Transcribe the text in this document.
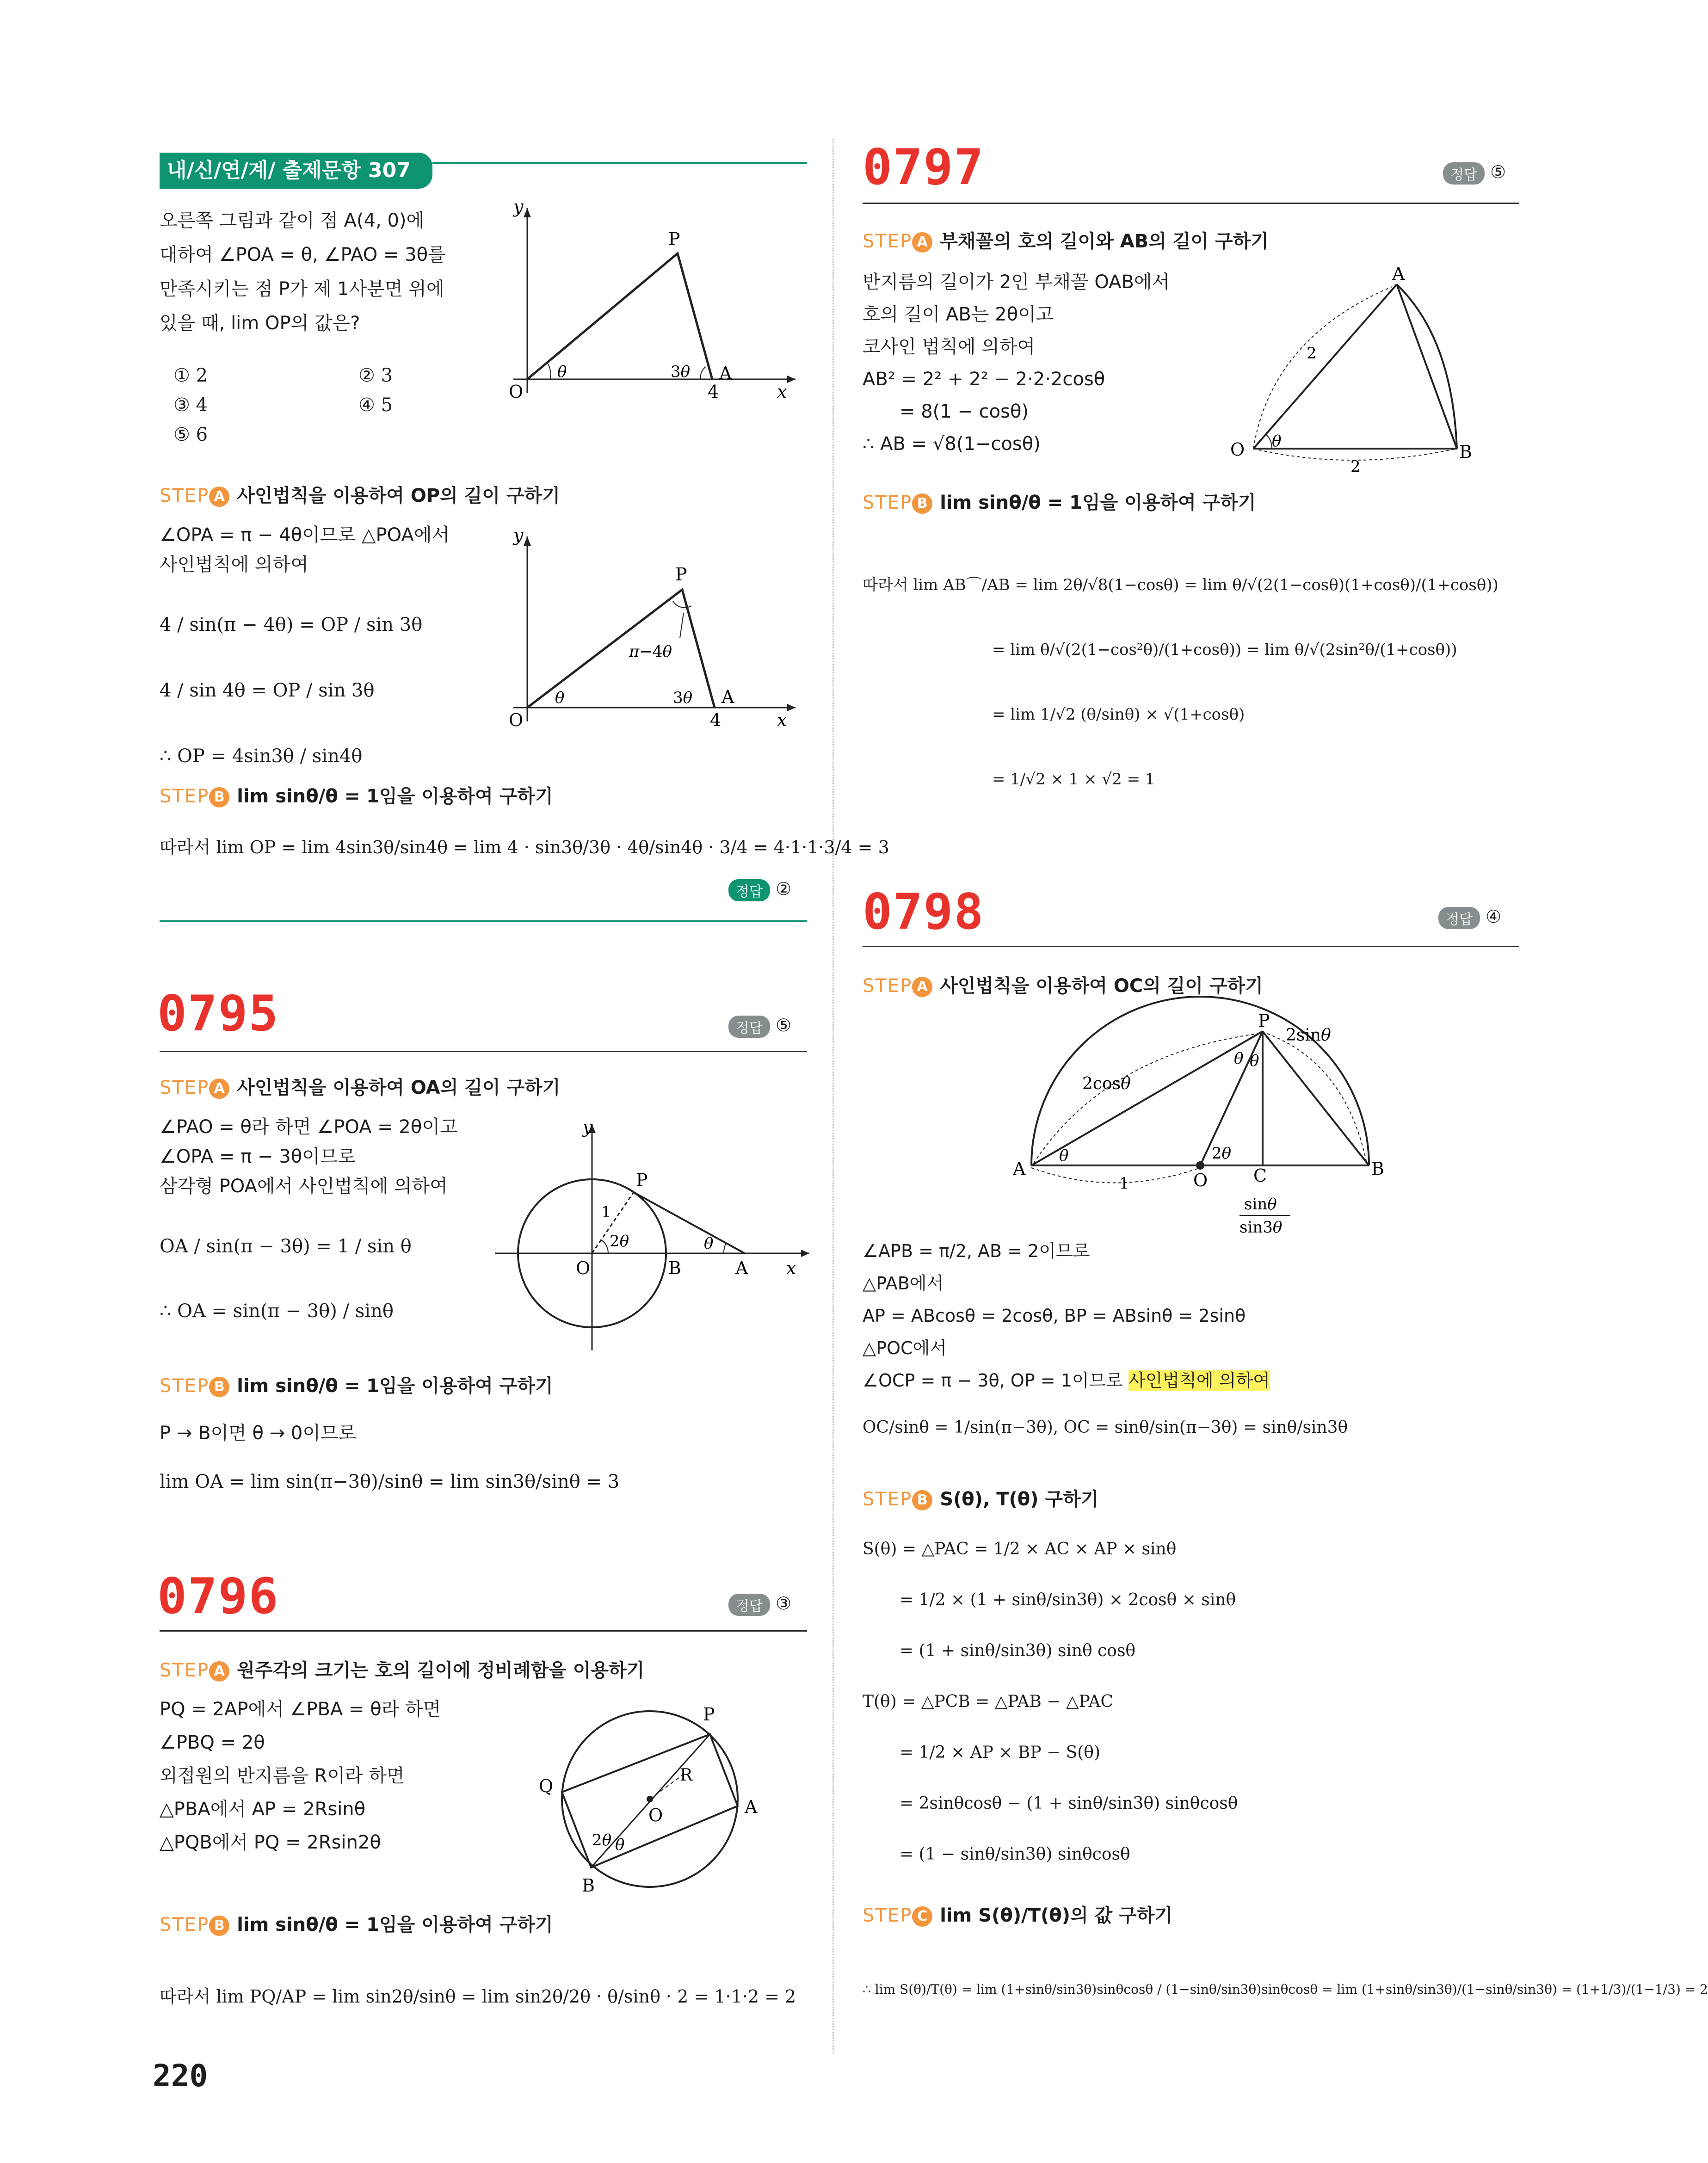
내/신/연/계/ 출제문항 307
오른쪽 그림과 같이 점 A(4, 0)에
대하여 ∠POA = θ, ∠PAO = 3θ를
만족시키는 점 P가 제 1사분면 위에
있을 때, lim OP의 값은?
① 2	② 3
③ 4	④ 5
⑤ 6
y
O
P
A
4	x
θ	3θ
STEP A 사인법칙을 이용하여 OP의 길이 구하기
∠OPA = π − 4θ이므로 △POA에서
사인법칙에 의하여
4 / sin(π − 4θ) = OP / sin 3θ
4 / sin 4θ = OP / sin 3θ
∴ OP = 4sin3θ / sin4θ
y
O
P
A
4	x
θ	3θ
π−4θ
STEP B lim sinθ/θ = 1임을 이용하여 구하기
따라서 lim OP = lim 4sin3θ/sin4θ = lim 4 · sin3θ/3θ · 4θ/sin4θ · 3/4 = 4·1·1·3/4 = 3
정답 ②
0795	정답 ⑤
STEP A 사인법칙을 이용하여 OA의 길이 구하기
∠PAO = θ라 하면 ∠POA = 2θ이고
∠OPA = π − 3θ이므로
삼각형 POA에서 사인법칙에 의하여
OA / sin(π − 3θ) = 1 / sin θ
∴ OA = sin(π − 3θ) / sinθ
y
O
P
B	A x
1
2θ	θ
STEP B lim sinθ/θ = 1임을 이용하여 구하기
P → B이면 θ → 0이므로
lim OA = lim sin(π−3θ)/sinθ = lim sin3θ/sinθ = 3
0796	정답 ③
STEP A 원주각의 크기는 호의 길이에 정비례함을 이용하기
PQ = 2AP에서 ∠PBA = θ라 하면
∠PBQ = 2θ
외접원의 반지름을 R이라 하면
△PBA에서 AP = 2Rsinθ
△PQB에서 PQ = 2Rsin2θ
P
A
B
Q
R
O
2θ θ
STEP B lim sinθ/θ = 1임을 이용하여 구하기
따라서 lim PQ/AP = lim sin2θ/sinθ = lim sin2θ/2θ · θ/sinθ · 2 = 1·1·2 = 2
220
0797	정답 ⑤
STEP A 부채꼴의 호의 길이와 AB의 길이 구하기
반지름의 길이가 2인 부채꼴 OAB에서
호의 길이 AB는 2θ이고
코사인 법칙에 의하여
AB² = 2² + 2² − 2·2·2cosθ
= 8(1 − cosθ)
∴ AB = √8(1−cosθ)
A
O	B
θ
2
2
STEP B lim sinθ/θ = 1임을 이용하여 구하기
따라서 lim AB⌒/AB = lim 2θ/√8(1−cosθ) = lim θ/√(2(1−cosθ)(1+cosθ)/(1+cosθ))
= lim θ/√(2(1−cos²θ)/(1+cosθ)) = lim θ/√(2sin²θ/(1+cosθ))
= lim 1/√2 (θ/sinθ) × √(1+cosθ)
= 1/√2 × 1 × √2 = 1
0798	정답 ④
STEP A 사인법칙을 이용하여 OC의 길이 구하기
P
2sinθ
2cosθ
A	B
O	C
1
θ	2θ
θ θ
sinθ
sin3θ
∠APB = π/2, AB = 2이므로
△PAB에서
AP = ABcosθ = 2cosθ, BP = ABsinθ = 2sinθ
△POC에서
∠OCP = π − 3θ, OP = 1이므로 사인법칙에 의하여
OC/sinθ = 1/sin(π−3θ), OC = sinθ/sin(π−3θ) = sinθ/sin3θ
STEP B S(θ), T(θ) 구하기
S(θ) = △PAC = 1/2 × AC × AP × sinθ
= 1/2 × (1 + sinθ/sin3θ) × 2cosθ × sinθ
= (1 + sinθ/sin3θ) sinθ cosθ
T(θ) = △PCB = △PAB − △PAC
= 1/2 × AP × BP − S(θ)
= 2sinθcosθ − (1 + sinθ/sin3θ) sinθcosθ
= (1 − sinθ/sin3θ) sinθcosθ
STEP C lim S(θ)/T(θ)의 값 구하기
∴ lim S(θ)/T(θ) = lim (1+sinθ/sin3θ)sinθcosθ / (1−sinθ/sin3θ)sinθcosθ = lim (1+sinθ/sin3θ)/(1−sinθ/sin3θ) = (1+1/3)/(1−1/3) = 2
